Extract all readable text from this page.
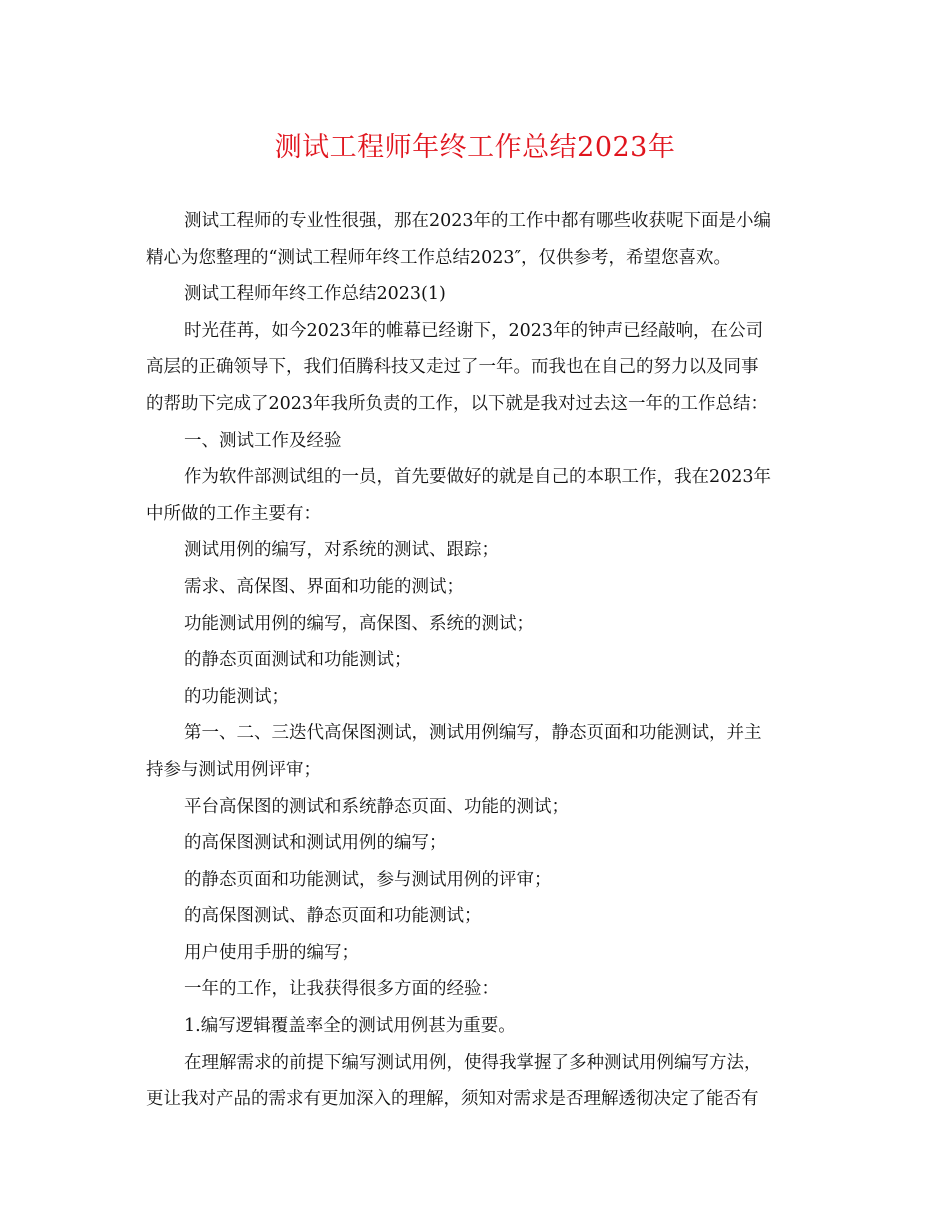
测试工程师年终工作总结2023年

测试工程师的专业性很强，那在2023年的工作中都有哪些收获呢下面是小编

精心为您整理的“测试工程师年终工作总结2023″，仅供参考，希望您喜欢。

测试工程师年终工作总结2023(1)

时光荏苒，如今2023年的帷幕已经谢下，2023年的钟声已经敲响，在公司

高层的正确领导下，我们佰腾科技又走过了一年。而我也在自己的努力以及同事

的帮助下完成了2023年我所负责的工作，以下就是我对过去这一年的工作总结：

一、测试工作及经验

作为软件部测试组的一员，首先要做好的就是自己的本职工作，我在2023年

中所做的工作主要有：

测试用例的编写，对系统的测试、跟踪；

需求、高保图、界面和功能的测试；

功能测试用例的编写，高保图、系统的测试；

的静态页面测试和功能测试；

的功能测试；

第一、二、三迭代高保图测试，测试用例编写，静态页面和功能测试，并主

持参与测试用例评审；

平台高保图的测试和系统静态页面、功能的测试；

的高保图测试和测试用例的编写；

的静态页面和功能测试，参与测试用例的评审；

的高保图测试、静态页面和功能测试；

用户使用手册的编写；

一年的工作，让我获得很多方面的经验：

1.编写逻辑覆盖率全的测试用例甚为重要。

在理解需求的前提下编写测试用例，使得我掌握了多种测试用例编写方法，

更让我对产品的需求有更加深入的理解，须知对需求是否理解透彻决定了能否有
